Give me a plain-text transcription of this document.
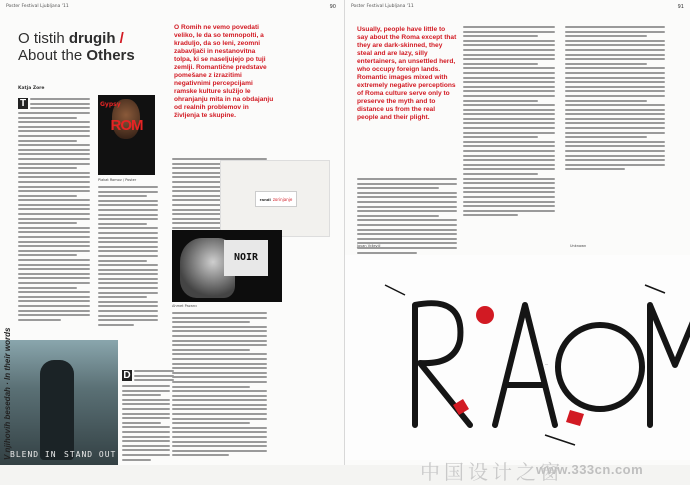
Poster Festival Ljubljana '11	90
O tistih drugih /
About the Others
Katja Zore
T	Gypsy
ROM
Plakat Romov / Poster
O Romih ne vemo povedati veliko, le da so temnopolti, a kraduljo, da so leni, zeomni zabavljači in nestanovitna tolpa, ki se naseljujejo po tuji zemlji. Romantične predstave pomešane z izrazitimi negativnimi percepcijami ramske kulture služijo le ohranjanju mita in na obdajanju od realnih problemov in življenja te skupine.
randi zorinjanje
NOIR
Ahmet Pazarcı
D
BLEND IN STAND OUT
V njihovih besedah · In their words
Poster Festival Ljubljana '11	91
Usually, people have little to say about the Roma except that they are dark-skinned, they steal and are lazy, silly entertainers, an unsettled herd, who occupy foreign lands. Romantic images mixed with extremely negative perceptions of Roma culture serve only to preserve the myth and to distance us from the real people and their plight.
Jovan Vržević	Unknown
RAOM
中国设计之窗
www.333cn.com
